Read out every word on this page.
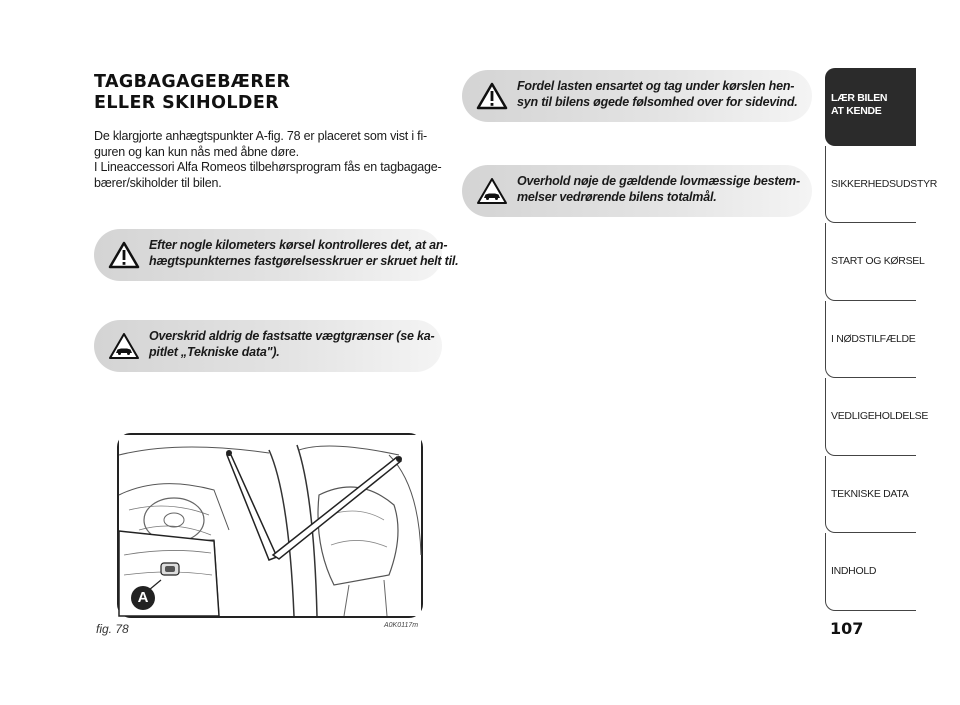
TAGBAGAGEBÆRER
ELLER SKIHOLDER

De klargjorte anhægtspunkter A-fig. 78 er placeret som vist i fi-
guren og kan kun nås med åbne døre.
I Lineaccessori Alfa Romeos tilbehørsprogram fås en tagbagage-
bærer/skiholder til bilen.

Efter nogle kilometers kørsel kontrolleres det, at an-
hægtspunkternes fastgørelsesskruer er skruet helt til.
Overskrid aldrig de fastsatte vægtgrænser (se ka-
pitlet „Tekniske data").
Fordel lasten ensartet og tag under kørslen hen-
syn til bilens øgede følsomhed over for sidevind.
Overhold nøje de gældende lovmæssige bestem-
melser vedrørende bilens totalmål.
A
fig. 78	A0K0117m	107
LÆR BILEN
AT KENDE
SIKKERHEDSUDSTYR
START OG KØRSEL
I NØDSTILFÆLDE
VEDLIGEHOLDELSE
TEKNISKE DATA
INDHOLD
